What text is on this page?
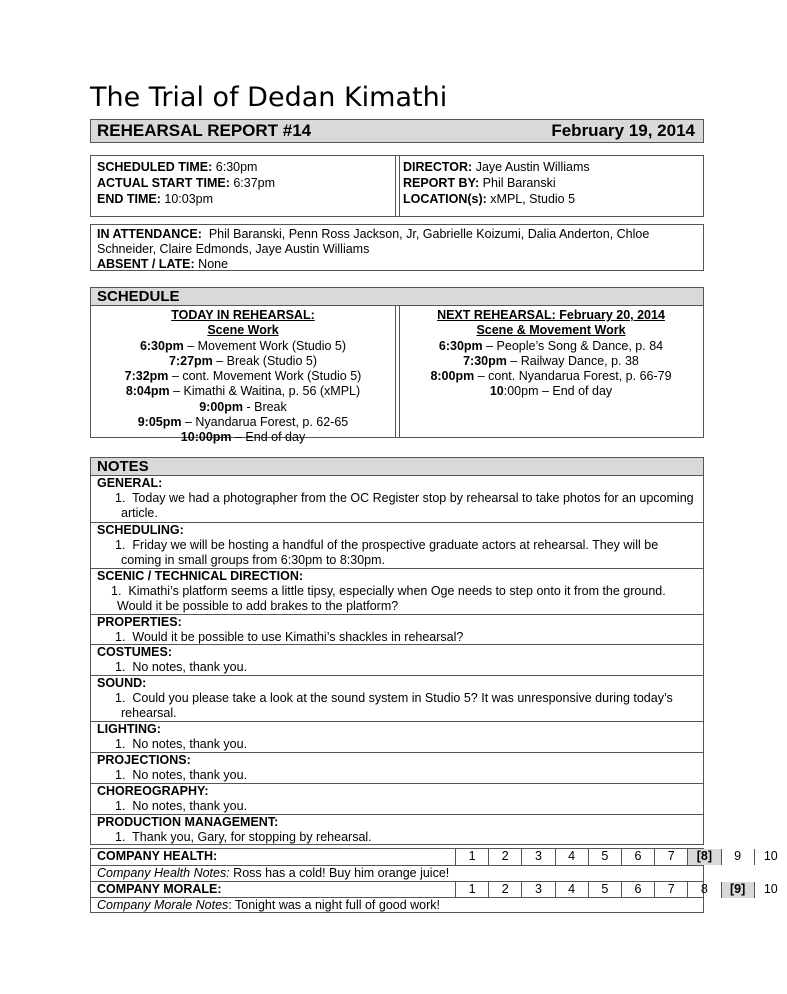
The Trial of Dedan Kimathi
REHEARSAL REPORT #14	February 19, 2014
SCHEDULED TIME: 6:30pm
ACTUAL START TIME: 6:37pm
END TIME: 10:03pm
DIRECTOR: Jaye Austin Williams
REPORT BY: Phil Baranski
LOCATION(s): xMPL, Studio 5
IN ATTENDANCE: Phil Baranski, Penn Ross Jackson, Jr, Gabrielle Koizumi, Dalia Anderton, Chloe Schneider, Claire Edmonds, Jaye Austin Williams
ABSENT / LATE: None
SCHEDULE
TODAY IN REHEARSAL:
Scene Work
6:30pm – Movement Work (Studio 5)
7:27pm – Break (Studio 5)
7:32pm – cont. Movement Work (Studio 5)
8:04pm – Kimathi & Waitina, p. 56 (xMPL)
9:00pm - Break
9:05pm – Nyandarua Forest, p. 62-65
10:00pm – End of day
NEXT REHEARSAL: February 20, 2014
Scene & Movement Work
6:30pm – People’s Song & Dance, p. 84
7:30pm – Railway Dance, p. 38
8:00pm – cont. Nyandarua Forest, p. 66-79
10:00pm – End of day
NOTES
GENERAL:
1. Today we had a photographer from the OC Register stop by rehearsal to take photos for an upcoming article.
SCHEDULING:
1. Friday we will be hosting a handful of the prospective graduate actors at rehearsal. They will be coming in small groups from 6:30pm to 8:30pm.
SCENIC / TECHNICAL DIRECTION:
1. Kimathi’s platform seems a little tipsy, especially when Oge needs to step onto it from the ground. Would it be possible to add brakes to the platform?
PROPERTIES:
1. Would it be possible to use Kimathi’s shackles in rehearsal?
COSTUMES:
1. No notes, thank you.
SOUND:
1. Could you please take a look at the sound system in Studio 5? It was unresponsive during today’s rehearsal.
LIGHTING:
1. No notes, thank you.
PROJECTIONS:
1. No notes, thank you.
CHOREOGRAPHY:
1. No notes, thank you.
PRODUCTION MANAGEMENT:
1. Thank you, Gary, for stopping by rehearsal.
COMPANY HEALTH:	1	2	3	4	5	6	7	[8]	9	10
Company Health Notes: Ross has a cold! Buy him orange juice!
COMPANY MORALE:	1	2	3	4	5	6	7	8	[9]	10
Company Morale Notes: Tonight was a night full of good work!
